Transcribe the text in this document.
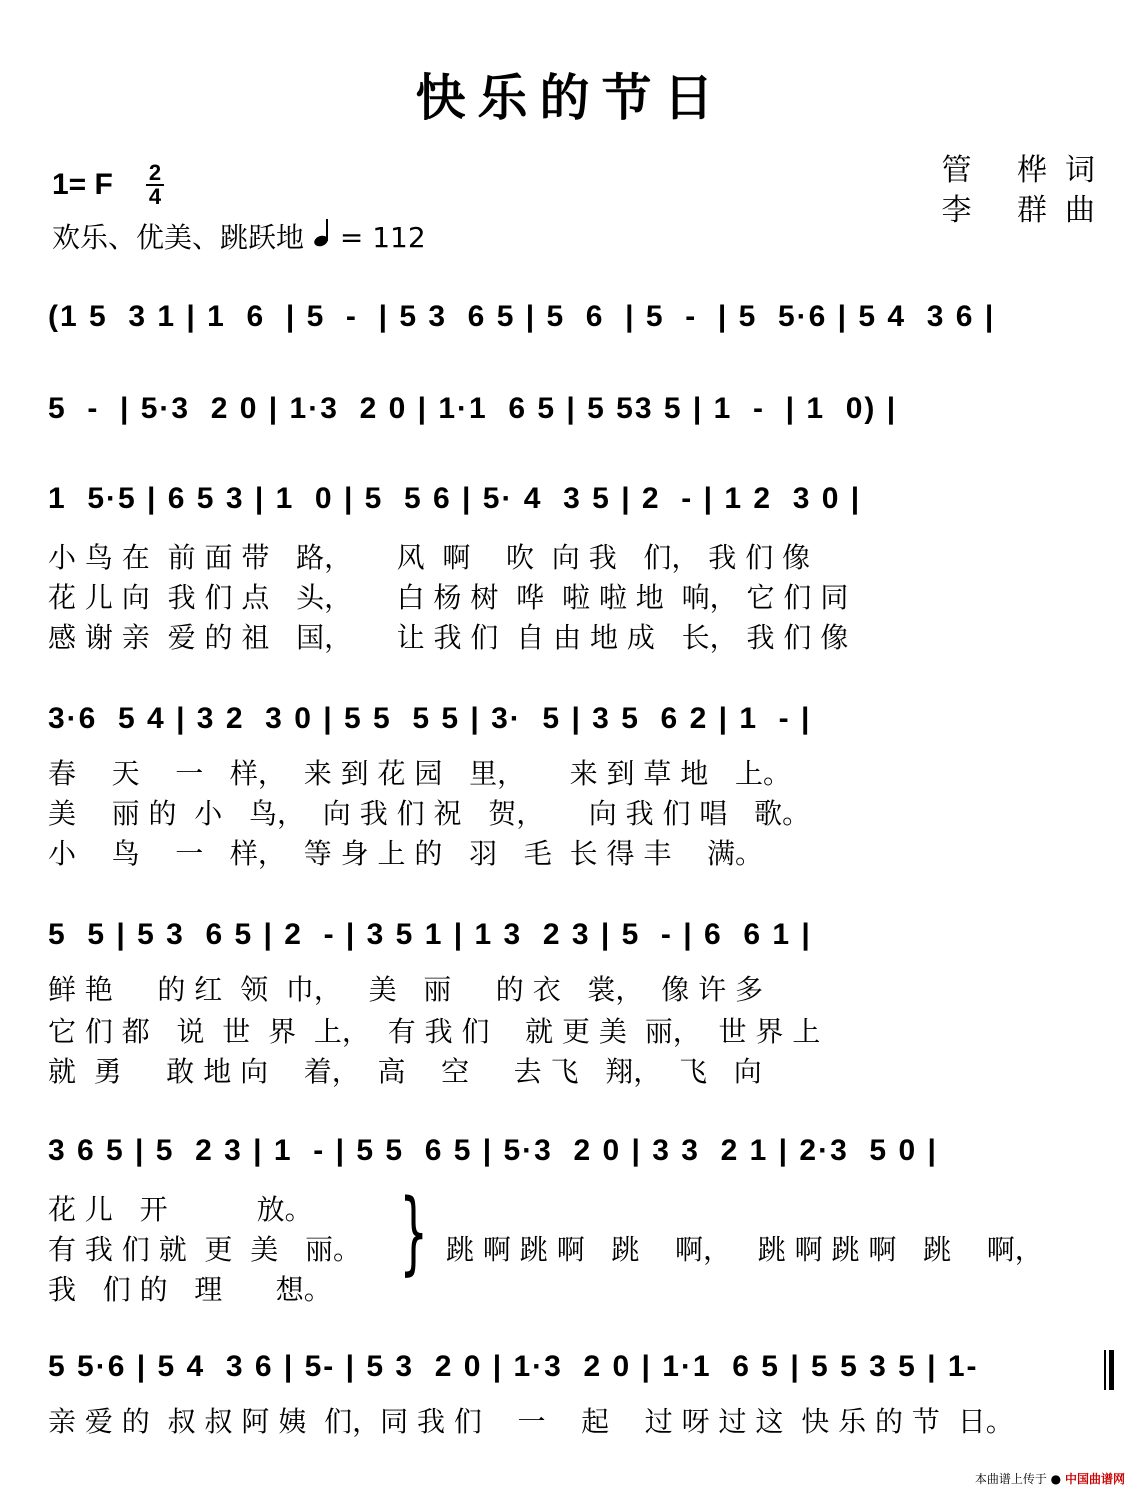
快乐的节日
管 桦词
李 群曲
1= F 2
4
欢乐、优美、跳跃地 = 112
(1 5  3 1 | 1  6  | 5  -  | 5 3  6 5 | 5  6  | 5  -  | 5  5·6 | 5 4  3 6 |
5  -  | 5·3  2 0 | 1·3  2 0 | 1·1  6 5 | 5 53 5 | 1  -  | 1  0) |
1  5·5 | 6 5 3 | 1  0 | 5  5 6 | 5· 4  3 5 | 2  - | 1 2  3 0 |
小 鸟 在  前 面 带   路，     风  啊    吹  向 我   们， 我 们 像
花 儿 向  我 们 点   头，     白 杨 树  哗  啦 啦 地  响， 它 们 同
感 谢 亲  爱 的 祖   国，     让 我 们  自 由 地 成   长， 我 们 像
3·6  5 4 | 3 2  3 0 | 5 5  5 5 | 3·  5 | 3 5  6 2 | 1  - |
春    天    一   样，  来 到 花 园   里，     来 到 草 地   上。
美    丽 的  小   鸟，  向 我 们 祝   贺，     向 我 们 唱   歌。
小    鸟    一   样，  等 身 上 的   羽   毛  长 得 丰    满。
5  5 | 5 3  6 5 | 2  - | 3 5 1 | 1 3  2 3 | 5  - | 6  6 1 |
鲜 艳     的 红  领  巾，   美   丽     的 衣   裳，  像 许 多
它 们 都   说  世  界  上，  有 我 们    就 更 美  丽，  世 界 上
就  勇     敢 地 向    着，  高    空     去 飞   翔，  飞   向
3 6 5 | 5  2 3 | 1  - | 5 5  6 5 | 5·3  2 0 | 3 3  2 1 | 2·3  5 0 |
花 儿   开          放。
有 我 们 就  更  美   丽。
我   们 的   理      想。
} 跳 啊 跳 啊   跳    啊，   跳 啊 跳 啊   跳    啊，
5 5·6 | 5 4  3 6 | 5- | 5 3  2 0 | 1·3  2 0 | 1·1  6 5 | 5 5 3 5 | 1-
亲 爱 的  叔 叔 阿 姨  们，同 我 们    一    起    过 呀 过 这  快 乐 的 节  日。
本曲谱上传于 ● 中国曲谱网
